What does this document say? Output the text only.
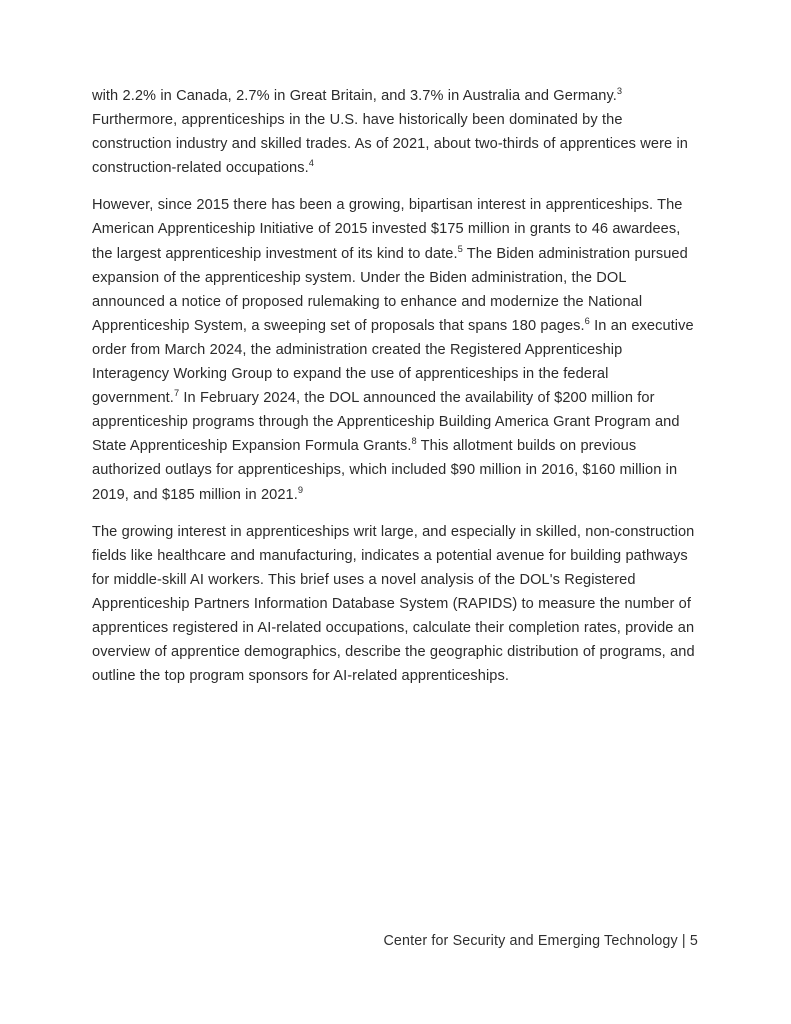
with 2.2% in Canada, 2.7% in Great Britain, and 3.7% in Australia and Germany.$^3$ Furthermore, apprenticeships in the U.S. have historically been dominated by the construction industry and skilled trades. As of 2021, about two-thirds of apprentices were in construction-related occupations.$^4$

However, since 2015 there has been a growing, bipartisan interest in apprenticeships. The American Apprenticeship Initiative of 2015 invested $175 million in grants to 46 awardees, the largest apprenticeship investment of its kind to date.$^5$ The Biden administration pursued expansion of the apprenticeship system. Under the Biden administration, the DOL announced a notice of proposed rulemaking to enhance and modernize the National Apprenticeship System, a sweeping set of proposals that spans 180 pages.$^6$ In an executive order from March 2024, the administration created the Registered Apprenticeship Interagency Working Group to expand the use of apprenticeships in the federal government.$^7$ In February 2024, the DOL announced the availability of $200 million for apprenticeship programs through the Apprenticeship Building America Grant Program and State Apprenticeship Expansion Formula Grants.$^8$ This allotment builds on previous authorized outlays for apprenticeships, which included $90 million in 2016, $160 million in 2019, and $185 million in 2021.$^9$

The growing interest in apprenticeships writ large, and especially in skilled, non-construction fields like healthcare and manufacturing, indicates a potential avenue for building pathways for middle-skill AI workers. This brief uses a novel analysis of the DOL's Registered Apprenticeship Partners Information Database System (RAPIDS) to measure the number of apprentices registered in AI-related occupations, calculate their completion rates, provide an overview of apprentice demographics, describe the geographic distribution of programs, and outline the top program sponsors for AI-related apprenticeships.

Center for Security and Emerging Technology | 5
